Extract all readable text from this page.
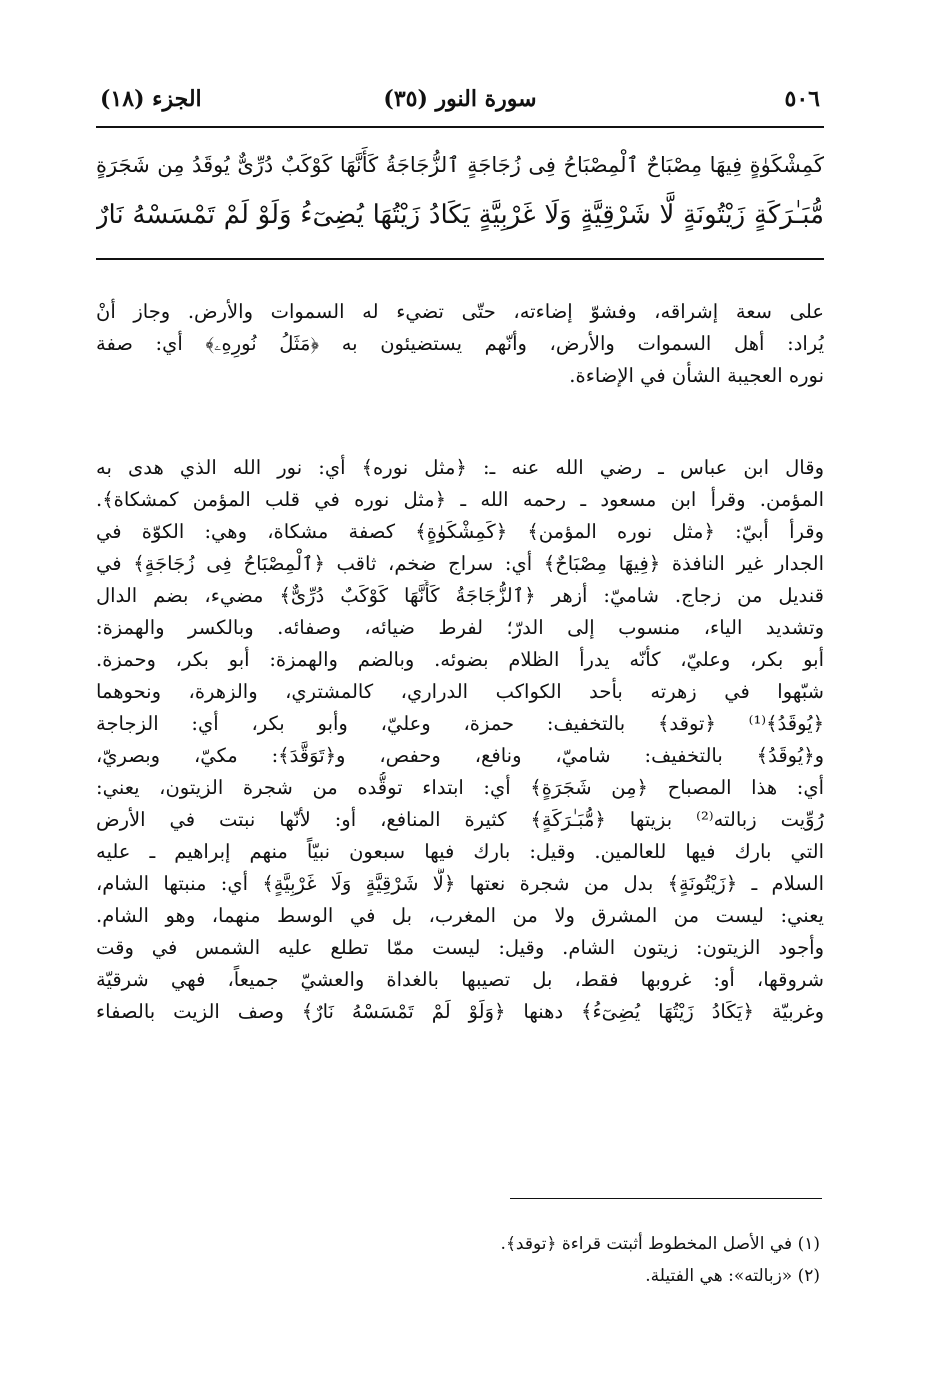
٥٠٦
سورة النور (٣٥)
الجزء (١٨)
كَمِشْكَوٰةٍ فِيهَا مِصْبَاحٌ ٱلْمِصْبَاحُ فِى زُجَاجَةٍ ٱلزُّجَاجَةُ كَأَنَّهَا كَوْكَبٌ دُرِّىٌّ يُوقَدُ مِن شَجَرَةٍ
مُّبَـٰرَكَةٍ زَيْتُونَةٍ لَّا شَرْقِيَّةٍ وَلَا غَرْبِيَّةٍ يَكَادُ زَيْتُهَا يُضِىٓءُ وَلَوْ لَمْ تَمْسَسْهُ نَارٌ
على سعة إشراقه، وفشوّ إضاءته، حتّى تضيء له السموات والأرض. وجاز أنْ
يُراد: أهل السموات والأرض، وأنّهم يستضيئون به ﴿مَثَلُ نُورِهِۦ﴾ أي: صفة
نوره العجيبة الشأن في الإضاءة.
وقال ابن عباس ـ رضي الله عنه ـ: ﴿مثل نوره﴾ أي: نور الله الذي هدى به
المؤمن. وقرأ ابن مسعود ـ رحمه الله ـ ﴿مثل نوره في قلب المؤمن كمشكاة﴾.
وقرأ أبيّ: ﴿مثل نوره المؤمن﴾ ﴿كَمِشْكَوٰةٍ﴾ كصفة مشكاة، وهي: الكوّة في
الجدار غير النافذة ﴿فِيهَا مِصْبَاحٌ﴾ أي: سراج ضخم، ثاقب ﴿ٱلْمِصْبَاحُ فِى زُجَاجَةٍ﴾ في
قنديل من زجاج. شاميّ: أزهر ﴿ٱلزُّجَاجَةُ كَأَنَّهَا كَوْكَبٌ دُرِّىٌّ﴾ مضيء، بضم الدال
وتشديد الياء، منسوب إلى الدرّ؛ لفرط ضيائه، وصفائه. وبالكسر والهمزة:
أبو بكر، وعليّ، كأنّه يدرأ الظلام بضوئه. وبالضم والهمزة: أبو بكر، وحمزة.
شبّهوا في زهرته بأحد الكواكب الدراري، كالمشتري، والزهرة، ونحوهما
﴿يُوقَدُ﴾⁽¹⁾ ﴿توقد﴾ بالتخفيف: حمزة، وعليّ، وأبو بكر، أي: الزجاجة
و﴿يُوقَدُ﴾ بالتخفيف: شاميّ، ونافع، وحفص، و﴿تَوَقَّدَ﴾: مكيّ، وبصريّ،
أي: هذا المصباح ﴿مِن شَجَرَةٍ﴾ أي: ابتداء توقُّده من شجرة الزيتون، يعني:
رُوِّيت زبالته⁽²⁾ بزيتها ﴿مُّبَـٰرَكَةٍ﴾ كثيرة المنافع، أو: لأنّها نبتت في الأرض
التي بارك فيها للعالمين. وقيل: بارك فيها سبعون نبيّاً منهم إبراهيم ـ عليه
السلام ـ ﴿زَيْتُونَةٍ﴾ بدل من شجرة نعتها ﴿لَّا شَرْقِيَّةٍ وَلَا غَرْبِيَّةٍ﴾ أي: منبتها الشام،
يعني: ليست من المشرق ولا من المغرب، بل في الوسط منهما، وهو الشام.
وأجود الزيتون: زيتون الشام. وقيل: ليست ممّا تطلع عليه الشمس في وقت
شروقها، أو: غروبها فقط، بل تصيبها بالغداة والعشيّ جميعاً، فهي شرقيّة
وغربيّة ﴿يَكَادُ زَيْتُهَا يُضِىٓءُ﴾ دهنها ﴿وَلَوْ لَمْ تَمْسَسْهُ نَارٌ﴾ وصف الزيت بالصفاء
(١) في الأصل المخطوط أثبتت قراءة ﴿توقد﴾.
(٢) «زبالته»: هي الفتيلة.
